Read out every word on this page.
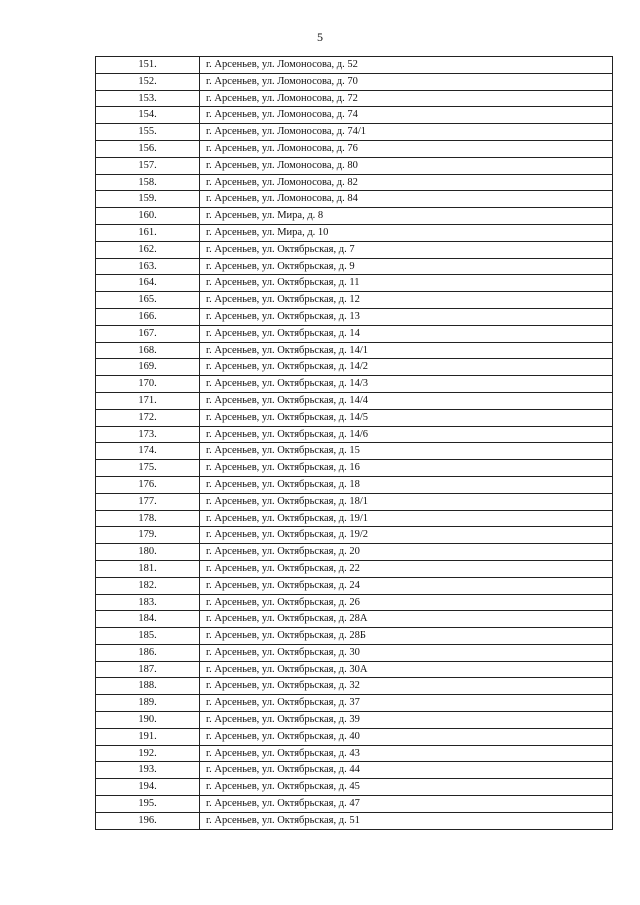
5
151.	г. Арсеньев, ул. Ломоносова, д. 52
152.	г. Арсеньев, ул. Ломоносова, д. 70
153.	г. Арсеньев, ул. Ломоносова, д. 72
154.	г. Арсеньев, ул. Ломоносова, д. 74
155.	г. Арсеньев, ул. Ломоносова, д. 74/1
156.	г. Арсеньев, ул. Ломоносова, д. 76
157.	г. Арсеньев, ул. Ломоносова, д. 80
158.	г. Арсеньев, ул. Ломоносова, д. 82
159.	г. Арсеньев, ул. Ломоносова, д. 84
160.	г. Арсеньев, ул. Мира, д. 8
161.	г. Арсеньев, ул. Мира, д. 10
162.	г. Арсеньев, ул. Октябрьская, д. 7
163.	г. Арсеньев, ул. Октябрьская, д. 9
164.	г. Арсеньев, ул. Октябрьская, д. 11
165.	г. Арсеньев, ул. Октябрьская, д. 12
166.	г. Арсеньев, ул. Октябрьская, д. 13
167.	г. Арсеньев, ул. Октябрьская, д. 14
168.	г. Арсеньев, ул. Октябрьская, д. 14/1
169.	г. Арсеньев, ул. Октябрьская, д. 14/2
170.	г. Арсеньев, ул. Октябрьская, д. 14/3
171.	г. Арсеньев, ул. Октябрьская, д. 14/4
172.	г. Арсеньев, ул. Октябрьская, д. 14/5
173.	г. Арсеньев, ул. Октябрьская, д. 14/6
174.	г. Арсеньев, ул. Октябрьская, д. 15
175.	г. Арсеньев, ул. Октябрьская, д. 16
176.	г. Арсеньев, ул. Октябрьская, д. 18
177.	г. Арсеньев, ул. Октябрьская, д. 18/1
178.	г. Арсеньев, ул. Октябрьская, д. 19/1
179.	г. Арсеньев, ул. Октябрьская, д. 19/2
180.	г. Арсеньев, ул. Октябрьская, д. 20
181.	г. Арсеньев, ул. Октябрьская, д. 22
182.	г. Арсеньев, ул. Октябрьская, д. 24
183.	г. Арсеньев, ул. Октябрьская, д. 26
184.	г. Арсеньев, ул. Октябрьская, д. 28А
185.	г. Арсеньев, ул. Октябрьская, д. 28Б
186.	г. Арсеньев, ул. Октябрьская, д. 30
187.	г. Арсеньев, ул. Октябрьская, д. 30А
188.	г. Арсеньев, ул. Октябрьская, д. 32
189.	г. Арсеньев, ул. Октябрьская, д. 37
190.	г. Арсеньев, ул. Октябрьская, д. 39
191.	г. Арсеньев, ул. Октябрьская, д. 40
192.	г. Арсеньев, ул. Октябрьская, д. 43
193.	г. Арсеньев, ул. Октябрьская, д. 44
194.	г. Арсеньев, ул. Октябрьская, д. 45
195.	г. Арсеньев, ул. Октябрьская, д. 47
196.	г. Арсеньев, ул. Октябрьская, д. 51
